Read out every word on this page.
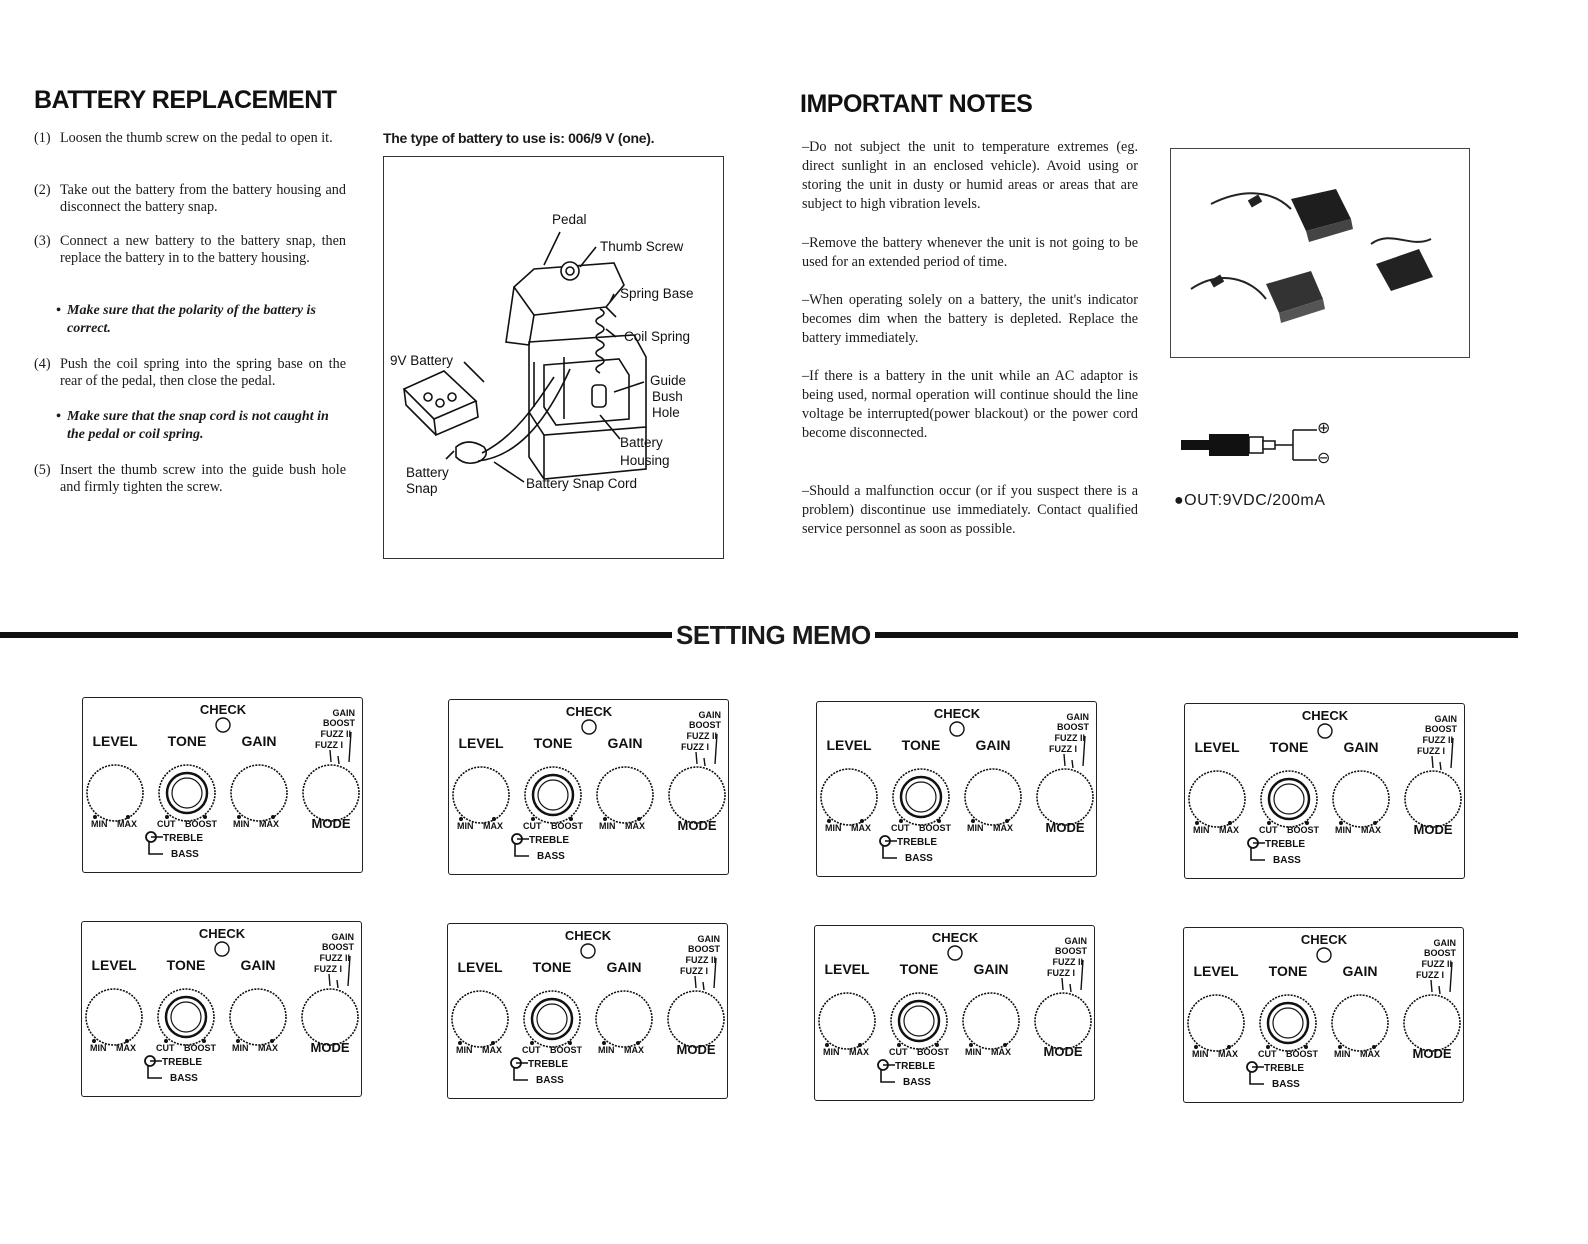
BATTERY REPLACEMENT
(1) Loosen the thumb screw on the pedal to open it.
(2) Take out the battery from the battery housing and disconnect the battery snap.
(3) Connect a new battery to the battery snap, then replace the battery in to the battery housing.
• Make sure that the polarity of the battery is correct.
(4) Push the coil spring into the spring base on the rear of the pedal, then close the pedal.
• Make sure that the snap cord is not caught in the pedal or coil spring.
(5) Insert the thumb screw into the guide bush hole and firmly tighten the screw.
The type of battery to use is: 006/9 V (one).
Pedal
Thumb Screw
Spring Base
Coil Spring
9V Battery
Guide
Bush
Hole
Battery
Housing
Battery
Snap	Battery Snap Cord
IMPORTANT NOTES
–Do not subject the unit to temperature extremes (eg. direct sunlight in an enclosed vehicle). Avoid using or storing the unit in dusty or humid areas or areas that are subject to high vibration levels.
–Remove the battery whenever the unit is not going to be used for an extended period of time.
–When operating solely on a battery, the unit's indicator becomes dim when the battery is depleted. Replace the battery immediately.
–If there is a battery in the unit while an AC adaptor is being used, normal operation will continue should the line voltage be interrupted(power blackout) or the power cord become disconnected.
–Should a malfunction occur (or if you suspect there is a problem) discontinue use immediately. Contact qualified service personnel as soon as possible.
⊕
⊖
●OUT:9VDC/200mA
SETTING MEMO
CHECK	GAIN
BOOST
FUZZ II
FUZZ I
LEVEL TONE	GAIN
MIN MAX CUT BOOST MIN MAX	MODE
TREBLE
BASS
CHECK	GAIN
BOOST
FUZZ II
FUZZ I
LEVEL TONE	GAIN
MIN MAX CUT BOOST MIN MAX	MODE
TREBLE
BASS
CHECK	GAIN
BOOST
FUZZ II
FUZZ I
LEVEL TONE	GAIN
MIN MAX CUT BOOST MIN MAX	MODE
TREBLE
BASS
CHECK	GAIN
BOOST
FUZZ II
FUZZ I
LEVEL TONE	GAIN
MIN MAX CUT BOOST MIN MAX	MODE
TREBLE
BASS
CHECK	GAIN
BOOST
FUZZ II
FUZZ I
LEVEL TONE	GAIN
MIN MAX CUT BOOST MIN MAX	MODE
TREBLE
BASS
CHECK	GAIN
BOOST
FUZZ II
FUZZ I
LEVEL TONE	GAIN
MIN MAX CUT BOOST MIN MAX	MODE
TREBLE
BASS
CHECK	GAIN
BOOST
FUZZ II
FUZZ I
LEVEL TONE	GAIN
MIN MAX CUT BOOST MIN MAX	MODE
TREBLE
BASS
CHECK	GAIN
BOOST
FUZZ II
FUZZ I
LEVEL TONE	GAIN
MIN MAX CUT BOOST MIN MAX	MODE
TREBLE
BASS
